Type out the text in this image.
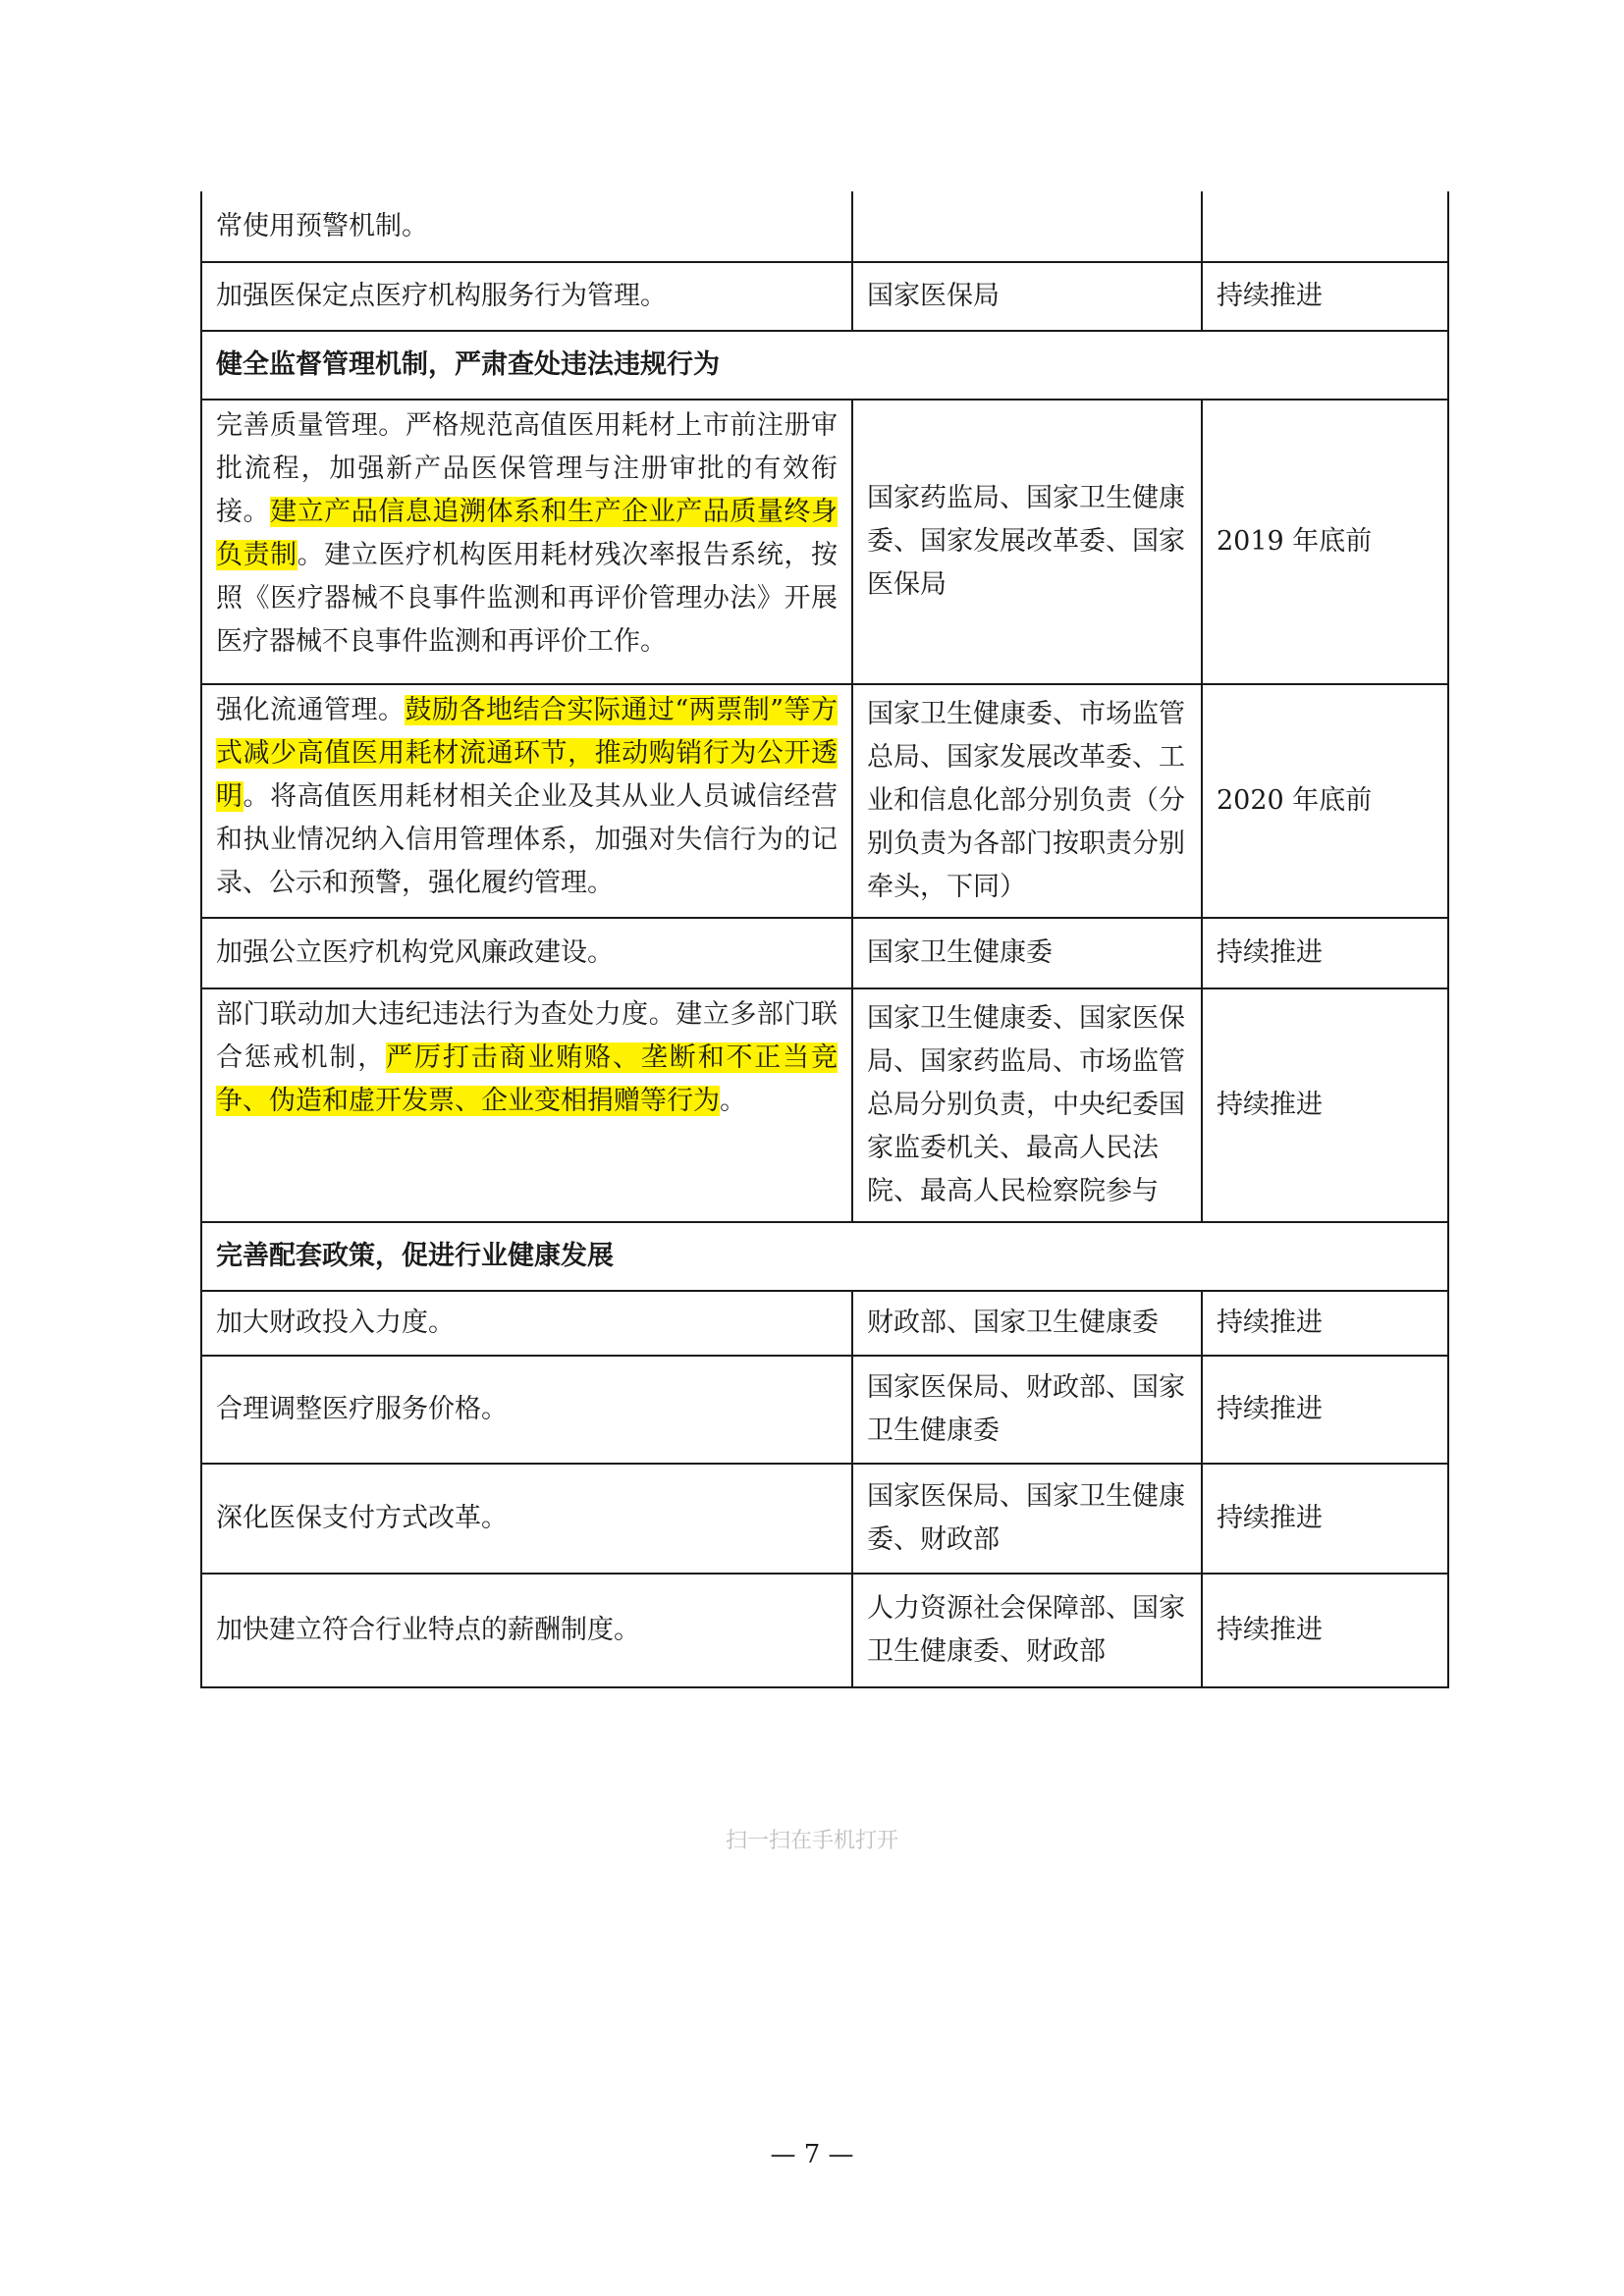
常使用预警机制。		
加强医保定点医疗机构服务行为管理。	国家医保局	持续推进
健全监督管理机制，严肃查处违法违规行为		
完善质量管理。严格规范高值医用耗材上市前注册审批流程，加强新产品医保管理与注册审批的有效衔接。建立产品信息追溯体系和生产企业产品质量终身负责制。建立医疗机构医用耗材残次率报告系统，按照《医疗器械不良事件监测和再评价管理办法》开展医疗器械不良事件监测和再评价工作。	国家药监局、国家卫生健康委、国家发展改革委、国家医保局	2019 年底前
强化流通管理。鼓励各地结合实际通过“两票制”等方式减少高值医用耗材流通环节，推动购销行为公开透明。将高值医用耗材相关企业及其从业人员诚信经营和执业情况纳入信用管理体系，加强对失信行为的记录、公示和预警，强化履约管理。	国家卫生健康委、市场监管总局、国家发展改革委、工业和信息化部分别负责（分别负责为各部门按职责分别牵头，下同）	2020 年底前
加强公立医疗机构党风廉政建设。	国家卫生健康委	持续推进
部门联动加大违纪违法行为查处力度。建立多部门联合惩戒机制，严厉打击商业贿赂、垄断和不正当竞争、伪造和虚开发票、企业变相捐赠等行为。	国家卫生健康委、国家医保局、国家药监局、市场监管总局分别负责，中央纪委国家监委机关、最高人民法院、最高人民检察院参与	持续推进
完善配套政策，促进行业健康发展		
加大财政投入力度。	财政部、国家卫生健康委	持续推进
合理调整医疗服务价格。	国家医保局、财政部、国家卫生健康委	持续推进
深化医保支付方式改革。	国家医保局、国家卫生健康委、财政部	持续推进
加快建立符合行业特点的薪酬制度。	人力资源社会保障部、国家卫生健康委、财政部	持续推进
扫一扫在手机打开
— 7 —
